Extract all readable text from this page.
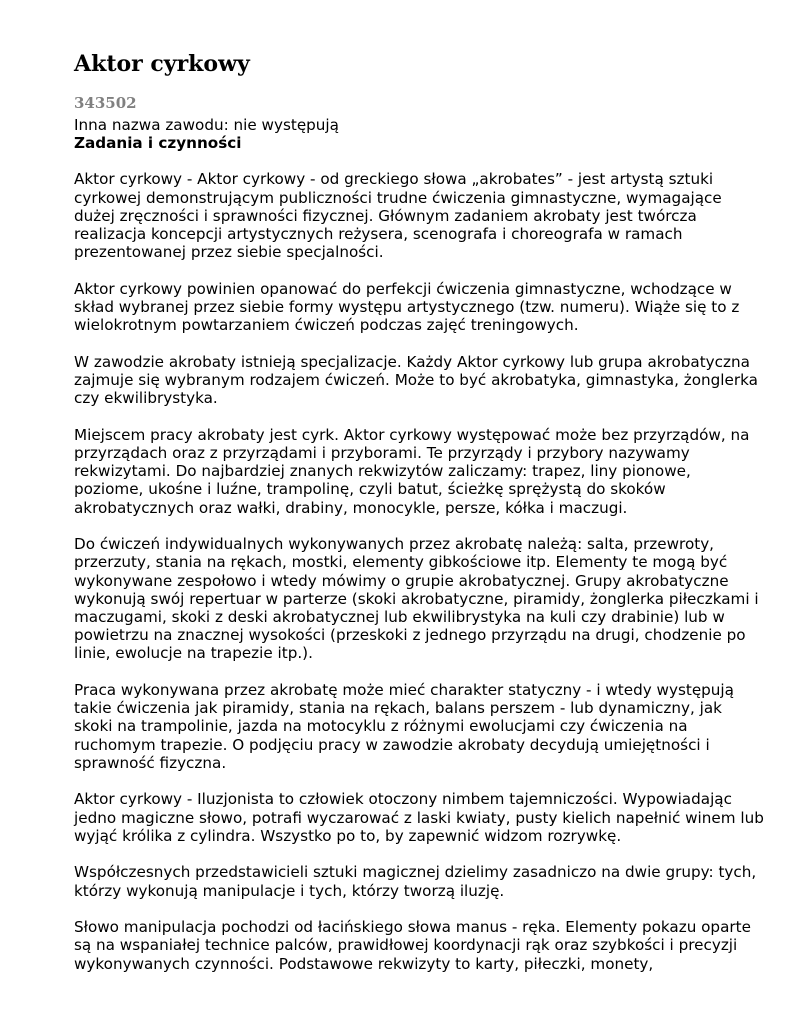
Aktor cyrkowy
343502
Inna nazwa zawodu: nie występują
Zadania i czynności

Aktor cyrkowy - Aktor cyrkowy - od greckiego słowa „akrobates” - jest artystą sztuki cyrkowej demonstrującym publiczności trudne ćwiczenia gimnastyczne, wymagające dużej zręczności i sprawności fizycznej. Głównym zadaniem akrobaty jest twórcza realizacja koncepcji artystycznych reżysera, scenografa i choreografa w ramach prezentowanej przez siebie specjalności.

Aktor cyrkowy powinien opanować do perfekcji ćwiczenia gimnastyczne, wchodzące w skład wybranej przez siebie formy występu artystycznego (tzw. numeru). Wiąże się to z wielokrotnym powtarzaniem ćwiczeń podczas zajęć treningowych.

W zawodzie akrobaty istnieją specjalizacje. Każdy Aktor cyrkowy lub grupa akrobatyczna zajmuje się wybranym rodzajem ćwiczeń. Może to być akrobatyka, gimnastyka, żonglerka czy ekwilibrystyka.

Miejscem pracy akrobaty jest cyrk. Aktor cyrkowy występować może bez przyrządów, na przyrządach oraz z przyrządami i przyborami. Te przyrządy i przybory nazywamy rekwizytami. Do najbardziej znanych rekwizytów zaliczamy: trapez, liny pionowe, poziome, ukośne i luźne, trampolinę, czyli batut, ścieżkę sprężystą do skoków akrobatycznych oraz wałki, drabiny, monocykle, persze, kółka i maczugi.

Do ćwiczeń indywidualnych wykonywanych przez akrobatę należą: salta, przewroty, przerzuty, stania na rękach, mostki, elementy gibkościowe itp. Elementy te mogą być wykonywane zespołowo i wtedy mówimy o grupie akrobatycznej. Grupy akrobatyczne wykonują swój repertuar w parterze (skoki akrobatyczne, piramidy, żonglerka piłeczkami i maczugami, skoki z deski akrobatycznej lub ekwilibrystyka na kuli czy drabinie) lub w powietrzu na znacznej wysokości (przeskoki z jednego przyrządu na drugi, chodzenie po linie, ewolucje na trapezie itp.).

Praca wykonywana przez akrobatę może mieć charakter statyczny - i wtedy występują takie ćwiczenia jak piramidy, stania na rękach, balans perszem - lub dynamiczny, jak skoki na trampolinie, jazda na motocyklu z różnymi ewolucjami czy ćwiczenia na ruchomym trapezie. O podjęciu pracy w zawodzie akrobaty decydują umiejętności i sprawność fizyczna.

Aktor cyrkowy - Iluzjonista to człowiek otoczony nimbem tajemniczości. Wypowiadając jedno magiczne słowo, potrafi wyczarować z laski kwiaty, pusty kielich napełnić winem lub wyjąć królika z cylindra. Wszystko po to, by zapewnić widzom rozrywkę.

Współczesnych przedstawicieli sztuki magicznej dzielimy zasadniczo na dwie grupy: tych, którzy wykonują manipulacje i tych, którzy tworzą iluzję.

Słowo manipulacja pochodzi od łacińskiego słowa manus - ręka. Elementy pokazu oparte są na wspaniałej technice palców, prawidłowej koordynacji rąk oraz szybkości i precyzji wykonywanych czynności. Podstawowe rekwizyty to karty, piłeczki, monety,
